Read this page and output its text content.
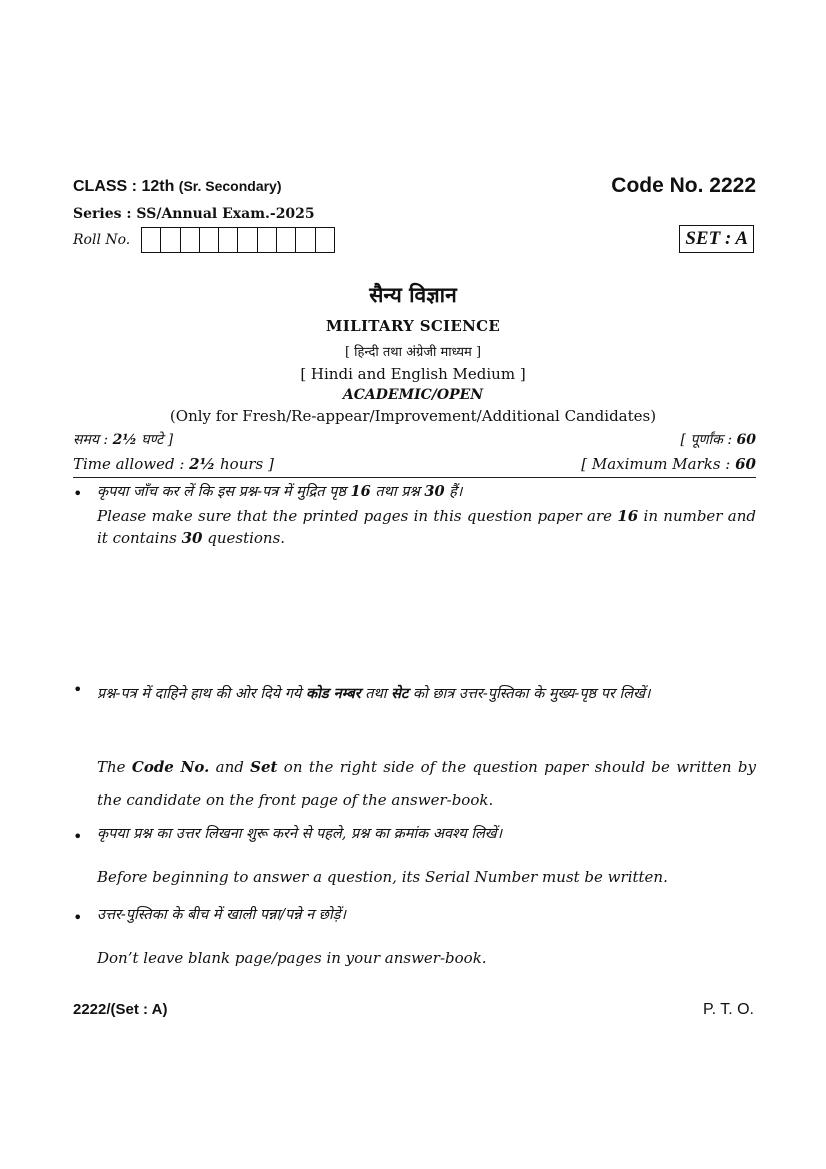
CLASS : 12th (Sr. Secondary)	Code No. 2222
Series : SS/Annual Exam.-2025
Roll No.	SET : A
सैन्य विज्ञान
MILITARY SCIENCE
[ हिन्दी तथा अंग्रेजी माध्यम ]
[ Hindi and English Medium ]
ACADEMIC/OPEN
(Only for Fresh/Re-appear/Improvement/Additional Candidates)
समय : 2½ घण्टे ]	[ पूर्णांक : 60
Time allowed : 2½ hours ]	[ Maximum Marks : 60
• कृपया जाँच कर लें कि इस प्रश्न-पत्र में मुद्रित पृष्ठ 16 तथा प्रश्न 30 हैं।
Please make sure that the printed pages in this question paper are 16 in number and it contains 30 questions.
• प्रश्न-पत्र में दाहिने हाथ की ओर दिये गये कोड नम्बर तथा सेट को छात्र उत्तर-पुस्तिका के मुख्य-पृष्ठ पर लिखें।
The Code No. and Set on the right side of the question paper should be written by the candidate on the front page of the answer-book.
• कृपया प्रश्न का उत्तर लिखना शुरू करने से पहले, प्रश्न का क्रमांक अवश्य लिखें।
Before beginning to answer a question, its Serial Number must be written.
• उत्तर-पुस्तिका के बीच में खाली पन्ना/पन्ने न छोड़ें।
Don’t leave blank page/pages in your answer-book.
2222/(Set : A)	P. T. O.
